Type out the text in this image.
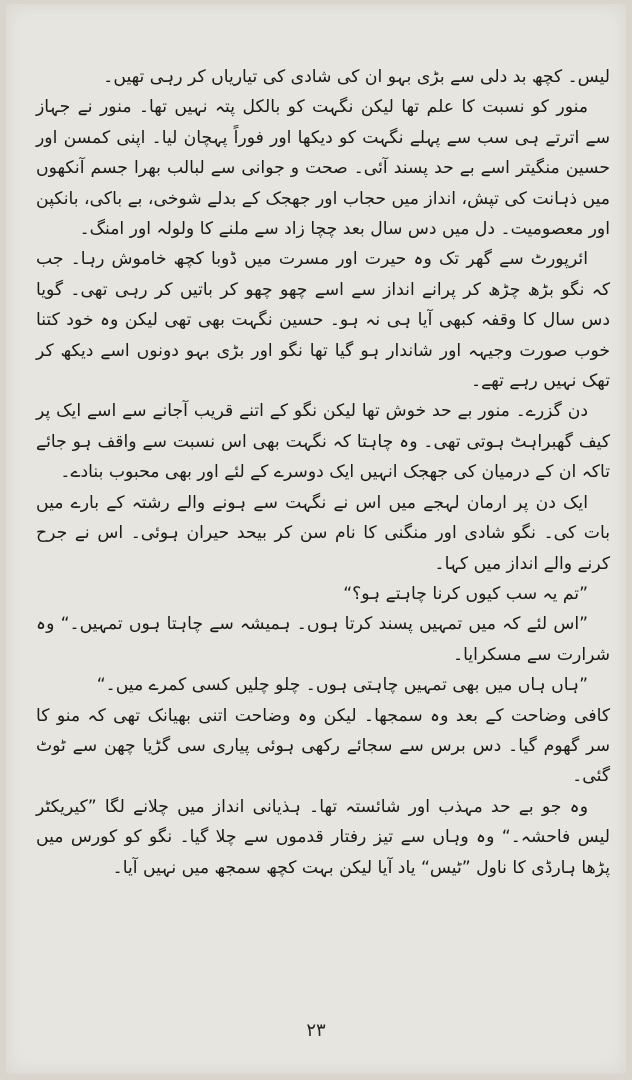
لیس۔ کچھ بد دلی سے بڑی بہو ان کی شادی کی تیاریاں کر رہی تھیں۔

منور کو نسبت کا علم تھا لیکن نگہت کو بالکل پتہ نہیں تھا۔ منور نے جہاز سے اترتے ہی سب سے پہلے نگہت کو دیکھا اور فوراً پہچان لیا۔ اپنی کمسن اور حسین منگیتر اسے بے حد پسند آئی۔ صحت و جوانی سے لبالب بھرا جسم آنکھوں میں ذہانت کی تپش، انداز میں حجاب اور جھجک کے بدلے شوخی، بے باکی، بانکپن اور معصومیت۔ دل میں دس سال بعد چچا زاد سے ملنے کا ولولہ اور امنگ۔

ائرپورٹ سے گھر تک وہ حیرت اور مسرت میں ڈوبا کچھ خاموش رہا۔ جب کہ نگو بڑھ چڑھ کر پرانے انداز سے اسے چھو چھو کر باتیں کر رہی تھی۔ گویا دس سال کا وقفہ کبھی آیا ہی نہ ہو۔ حسین نگہت بھی تھی لیکن وہ خود کتنا خوب صورت وجیہہ اور شاندار ہو گیا تھا نگو اور بڑی بہو دونوں اسے دیکھ کر تھک نہیں رہے تھے۔

دن گزرے۔ منور بے حد خوش تھا لیکن نگو کے اتنے قریب آجانے سے اسے ایک پر کیف گھبراہٹ ہوتی تھی۔ وہ چاہتا کہ نگہت بھی اس نسبت سے واقف ہو جائے تاکہ ان کے درمیان کی جھجک انہیں ایک دوسرے کے لئے اور بھی محبوب بنادے۔

ایک دن پر ارمان لہجے میں اس نے نگہت سے ہونے والے رشتہ کے بارے میں بات کی۔ نگو شادی اور منگنی کا نام سن کر بیحد حیران ہوئی۔ اس نے جرح کرنے والے انداز میں کہا۔

”تم یہ سب کیوں کرنا چاہتے ہو؟“

”اس لئے کہ میں تمہیں پسند کرتا ہوں۔ ہمیشہ سے چاہتا ہوں تمہیں۔“ وہ شرارت سے مسکرایا۔

”ہاں ہاں میں بھی تمہیں چاہتی ہوں۔ چلو چلیں کسی کمرے میں۔“

کافی وضاحت کے بعد وہ سمجھا۔ لیکن وہ وضاحت اتنی بھیانک تھی کہ منو کا سر گھوم گیا۔ دس برس سے سجائے رکھی ہوئی پیاری سی گڑیا چھن سے ٹوٹ گئی۔

وہ جو بے حد مہذب اور شائستہ تھا۔ ہذیانی انداز میں چلانے لگا ”کیریکٹر لیس فاحشہ۔“ وہ وہاں سے تیز رفتار قدموں سے چلا گیا۔ نگو کو کورس میں پڑھا ہارڈی کا ناول ”ٹیس“ یاد آیا لیکن بہت کچھ سمجھ میں نہیں آیا۔

۲۳
